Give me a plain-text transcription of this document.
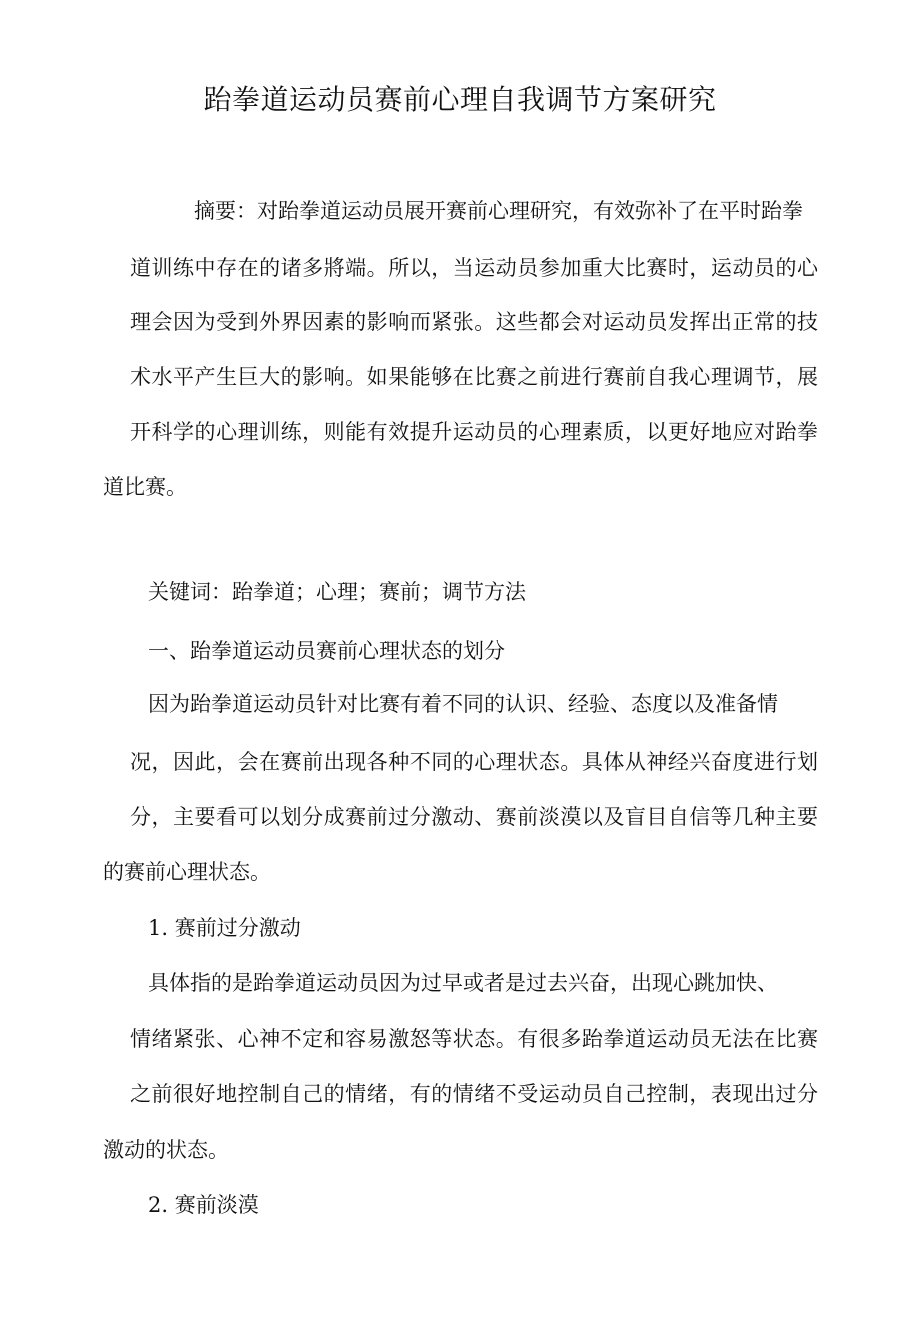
跆拳道运动员赛前心理自我调节方案研究
摘要：对跆拳道运动员展开赛前心理研究，有效弥补了在平时跆拳
道训练中存在的诸多將端。所以，当运动员参加重大比赛时，运动员的心
理会因为受到外界因素的影响而紧张。这些都会对运动员发挥出正常的技
术水平产生巨大的影响。如果能够在比赛之前进行赛前自我心理调节，展
开科学的心理训练，则能有效提升运动员的心理素质，以更好地应对跆拳
道比赛。
关键词：跆拳道；心理；赛前；调节方法
一、跆拳道运动员赛前心理状态的划分
因为跆拳道运动员针对比赛有着不同的认识、经验、态度以及准备情
况，因此，会在赛前出现各种不同的心理状态。具体从神经兴奋度进行划
分，主要看可以划分成赛前过分激动、赛前淡漠以及盲目自信等几种主要
的赛前心理状态。
1. 赛前过分激动
具体指的是跆拳道运动员因为过早或者是过去兴奋，出现心跳加快、
情绪紧张、心神不定和容易激怒等状态。有很多跆拳道运动员无法在比赛
之前很好地控制自己的情绪，有的情绪不受运动员自己控制，表现出过分
激动的状态。
2. 赛前淡漠
